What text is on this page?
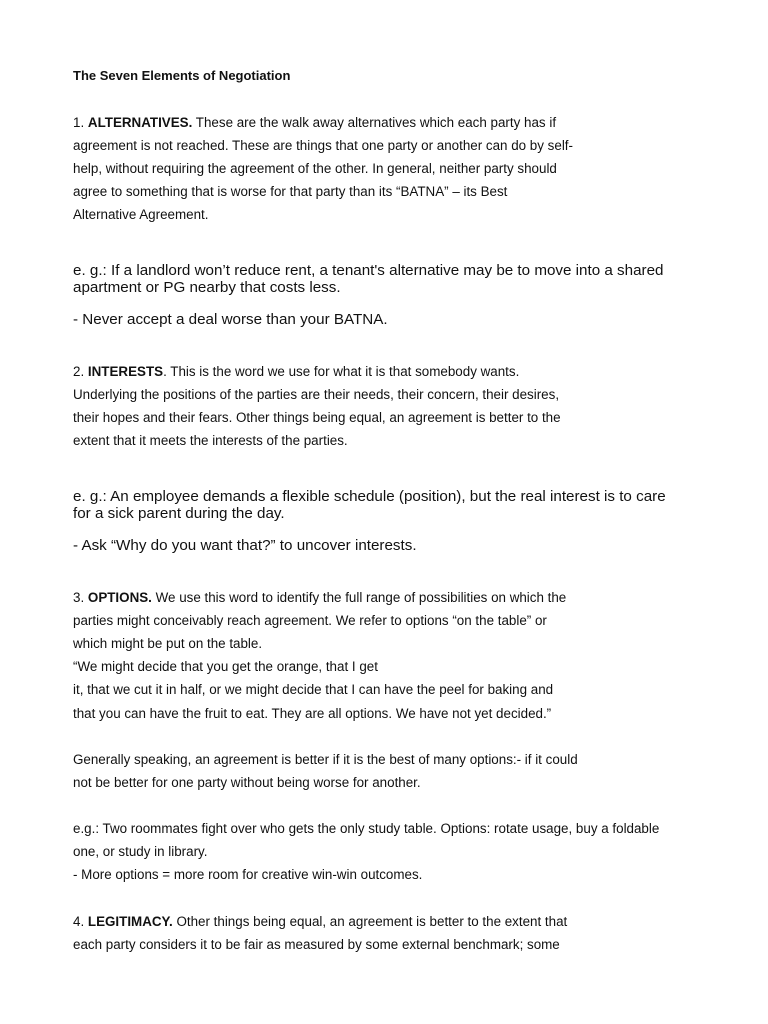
The Seven Elements of Negotiation
1. ALTERNATIVES. These are the walk away alternatives which each party has if
agreement is not reached. These are things that one party or another can do by self-
help, without requiring the agreement of the other. In general, neither party should
agree to something that is worse for that party than its “BATNA” – its Best
Alternative Agreement.
e. g.: If a landlord won’t reduce rent, a tenant's alternative may be to move into a shared
apartment or PG nearby that costs less.
- Never accept a deal worse than your BATNA.
2. INTERESTS. This is the word we use for what it is that somebody wants.
Underlying the positions of the parties are their needs, their concern, their desires,
their hopes and their fears. Other things being equal, an agreement is better to the
extent that it meets the interests of the parties.
e. g.: An employee demands a flexible schedule (position), but the real interest is to care
for a sick parent during the day.
- Ask “Why do you want that?” to uncover interests.
3. OPTIONS. We use this word to identify the full range of possibilities on which the
parties might conceivably reach agreement. We refer to options “on the table” or
which might be put on the table.
“We might decide that you get the orange, that I get
it, that we cut it in half, or we might decide that I can have the peel for baking and
that you can have the fruit to eat. They are all options. We have not yet decided.”
Generally speaking, an agreement is better if it is the best of many options:- if it could
not be better for one party without being worse for another.
e.g.: Two roommates fight over who gets the only study table. Options: rotate usage, buy a foldable
one, or study in library.
- More options = more room for creative win-win outcomes.
4. LEGITIMACY. Other things being equal, an agreement is better to the extent that
each party considers it to be fair as measured by some external benchmark; some
